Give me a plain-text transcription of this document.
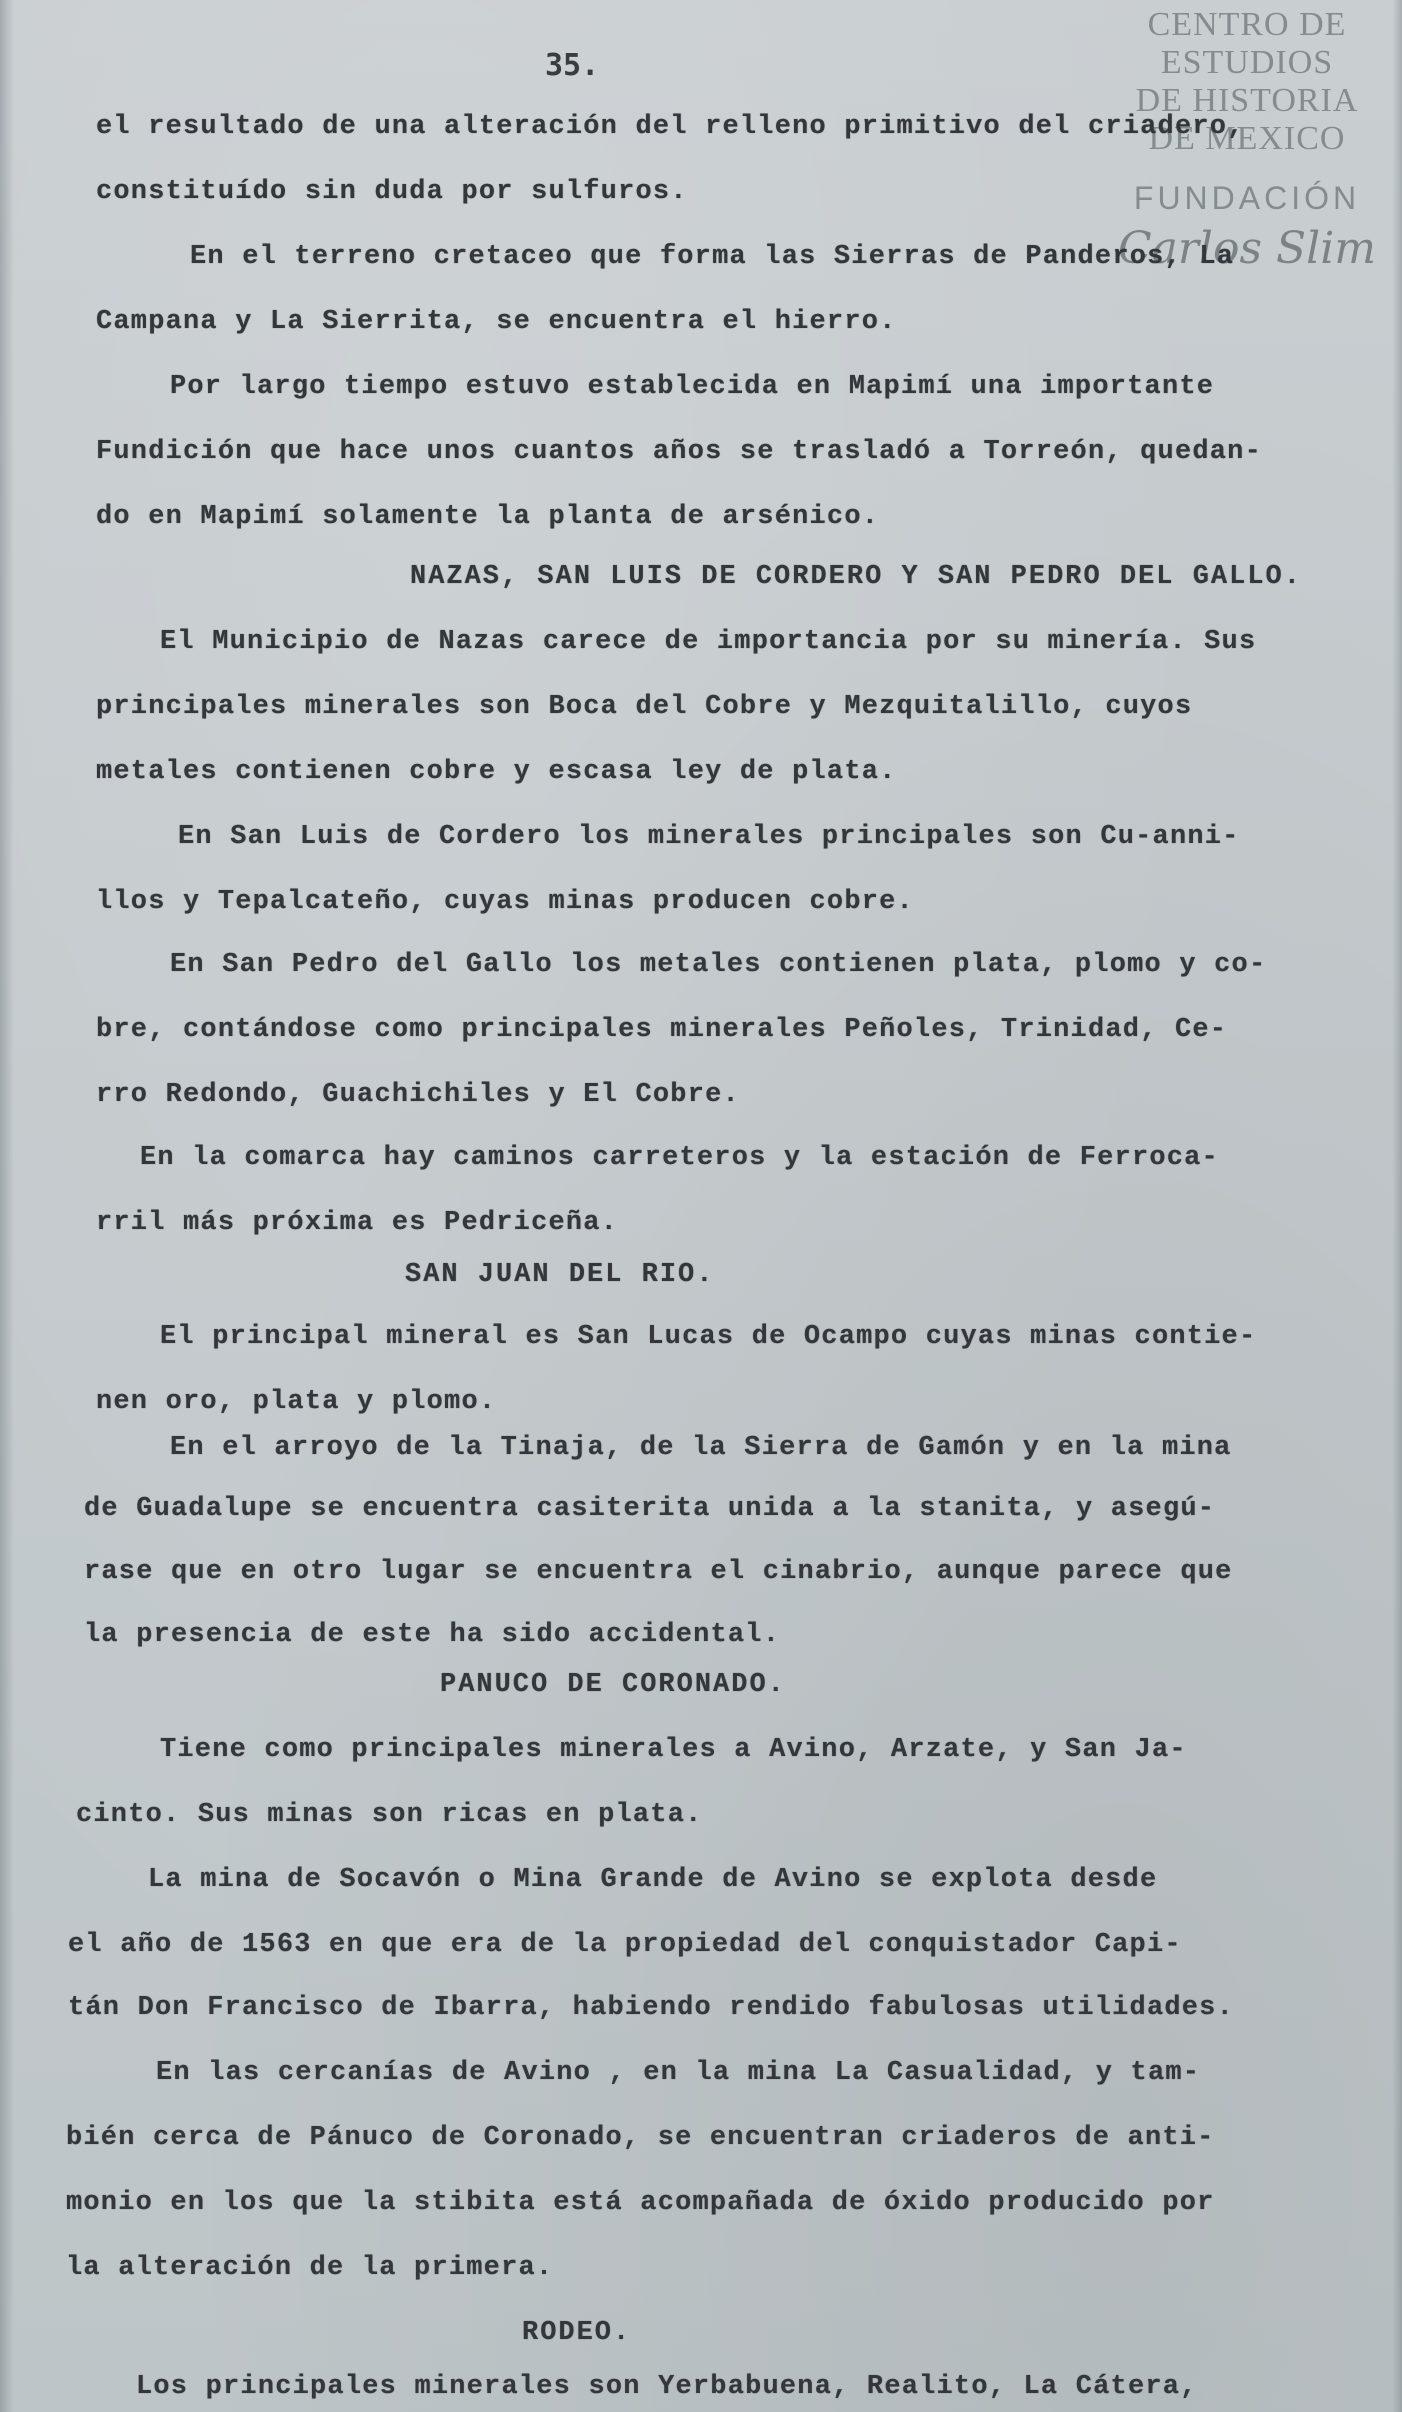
CENTRO DE
ESTUDIOS
DE HISTORIA
DE MEXICO
FUNDACIÓN
Carlos Slim
35.
el resultado de una alteración del relleno primitivo del criadero,
constituído sin duda por sulfuros.
En el terreno cretaceo que forma las Sierras de Panderos, La
Campana y La Sierrita, se encuentra el hierro.
Por largo tiempo estuvo establecida en Mapimí una importante
Fundición que hace unos cuantos años se trasladó a Torreón, quedan-
do en Mapimí solamente la planta de arsénico.
NAZAS, SAN LUIS DE CORDERO Y SAN PEDRO DEL GALLO.
El Municipio de Nazas carece de importancia por su minería. Sus
principales minerales son Boca del Cobre y Mezquitalillo, cuyos
metales contienen cobre y escasa ley de plata.
En San Luis de Cordero los minerales principales son Cu-anni-
llos y Tepalcateño, cuyas minas producen cobre.
En San Pedro del Gallo los metales contienen plata, plomo y co-
bre, contándose como principales minerales Peñoles, Trinidad, Ce-
rro Redondo, Guachichiles y El Cobre.
En la comarca hay caminos carreteros y la estación de Ferroca-
rril más próxima es Pedriceña.
SAN JUAN DEL RIO.
El principal mineral es San Lucas de Ocampo cuyas minas contie-
nen oro, plata y plomo.
En el arroyo de la Tinaja, de la Sierra de Gamón y en la mina
de Guadalupe se encuentra casiterita unida a la stanita, y asegú-
rase que en otro lugar se encuentra el cinabrio, aunque parece que
la presencia de este ha sido accidental.
PANUCO DE CORONADO.
Tiene como principales minerales a Avino, Arzate, y San Ja-
cinto. Sus minas son ricas en plata.
La mina de Socavón o Mina Grande de Avino se explota desde
el año de 1563 en que era de la propiedad del conquistador Capi-
tán Don Francisco de Ibarra, habiendo rendido fabulosas utilidades.
En las cercanías de Avino , en la mina La Casualidad, y tam-
bién cerca de Pánuco de Coronado, se encuentran criaderos de anti-
monio en los que la stibita está acompañada de óxido producido por
la alteración de la primera.
RODEO.
Los principales minerales son Yerbabuena, Realito, La Cátera,
